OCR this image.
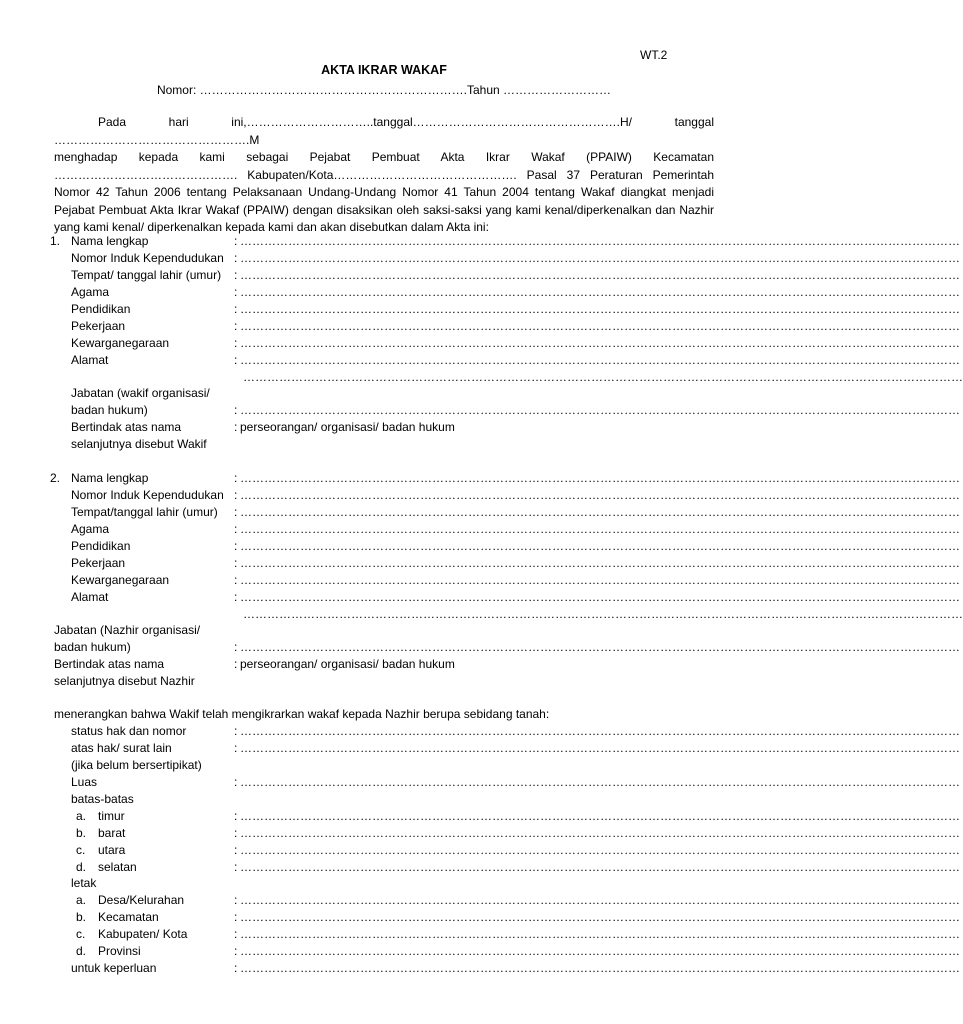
WT.2
AKTA IKRAR WAKAF
Nomor: ………………………………………………………….Tahun ………………………

Pada hari ini,…………………………..tanggal…………………………………………….H/ tanggal ………………………………………….M

menghadap kepada kami sebagai Pejabat Pembuat Akta Ikrar Wakaf (PPAIW) Kecamatan ………………………………………. Kabupaten/Kota………………………………………. Pasal 37 Peraturan Pemerintah Nomor 42 Tahun 2006 tentang Pelaksanaan Undang-Undang Nomor 41 Tahun 2004 tentang Wakaf diangkat menjadi Pejabat Pembuat Akta Ikrar Wakaf (PPAIW) dengan disaksikan oleh saksi-saksi yang kami kenal/diperkenalkan dan Nazhir yang kami kenal/ diperkenalkan kepada kami dan akan disebutkan dalam Akta ini:

1. Nama lengkap	: ………………………………………………………………………………………………………………………………………………………………
Nomor Induk Kependudukan : ………………………………………………………………………………………………………………………………………………………………
Tempat/ tanggal lahir (umur) : ………………………………………………………………………………………………………………………………………………………………
Agama	: ………………………………………………………………………………………………………………………………………………………………
Pendidikan	: ………………………………………………………………………………………………………………………………………………………………
Pekerjaan	: ………………………………………………………………………………………………………………………………………………………………
Kewarganegaraan	: ………………………………………………………………………………………………………………………………………………………………
Alamat	: ………………………………………………………………………………………………………………………………………………………………
………………………………………………………………………………………………………………………………………………………………
Jabatan (wakif organisasi/
badan hukum)	: ………………………………………………………………………………………………………………………………………………………………
Bertindak atas nama	: perseorangan/ organisasi/ badan hukum
selanjutnya disebut Wakif
2. Nama lengkap	: ………………………………………………………………………………………………………………………………………………………………
Nomor Induk Kependudukan : ………………………………………………………………………………………………………………………………………………………………
Tempat/tanggal lahir (umur) : ………………………………………………………………………………………………………………………………………………………………
Agama	: ………………………………………………………………………………………………………………………………………………………………
Pendidikan	: ………………………………………………………………………………………………………………………………………………………………
Pekerjaan	: ………………………………………………………………………………………………………………………………………………………………
Kewarganegaraan	: ………………………………………………………………………………………………………………………………………………………………
Alamat	: ………………………………………………………………………………………………………………………………………………………………
………………………………………………………………………………………………………………………………………………………………
Jabatan (Nazhir organisasi/
badan hukum)	: ………………………………………………………………………………………………………………………………………………………………
Bertindak atas nama	: perseorangan/ organisasi/ badan hukum
selanjutnya disebut Nazhir
menerangkan bahwa Wakif telah mengikrarkan wakaf kepada Nazhir berupa sebidang tanah:
status hak dan nomor	: ………………………………………………………………………………………………………………………………………………………………
atas hak/ surat lain	: ………………………………………………………………………………………………………………………………………………………………
(jika belum bersertipikat)
Luas	: ………………………………………………………………………………………………………………………………………………………………
batas-batas
a. timur	: ………………………………………………………………………………………………………………………………………………………………
b. barat	: ………………………………………………………………………………………………………………………………………………………………
c. utara	: ………………………………………………………………………………………………………………………………………………………………
d. selatan	: ………………………………………………………………………………………………………………………………………………………………
letak
a. Desa/Kelurahan	: ………………………………………………………………………………………………………………………………………………………………
b. Kecamatan	: ………………………………………………………………………………………………………………………………………………………………
c. Kabupaten/ Kota	: ………………………………………………………………………………………………………………………………………………………………
d. Provinsi	: ………………………………………………………………………………………………………………………………………………………………
untuk keperluan	: ………………………………………………………………………………………………………………………………………………………………
